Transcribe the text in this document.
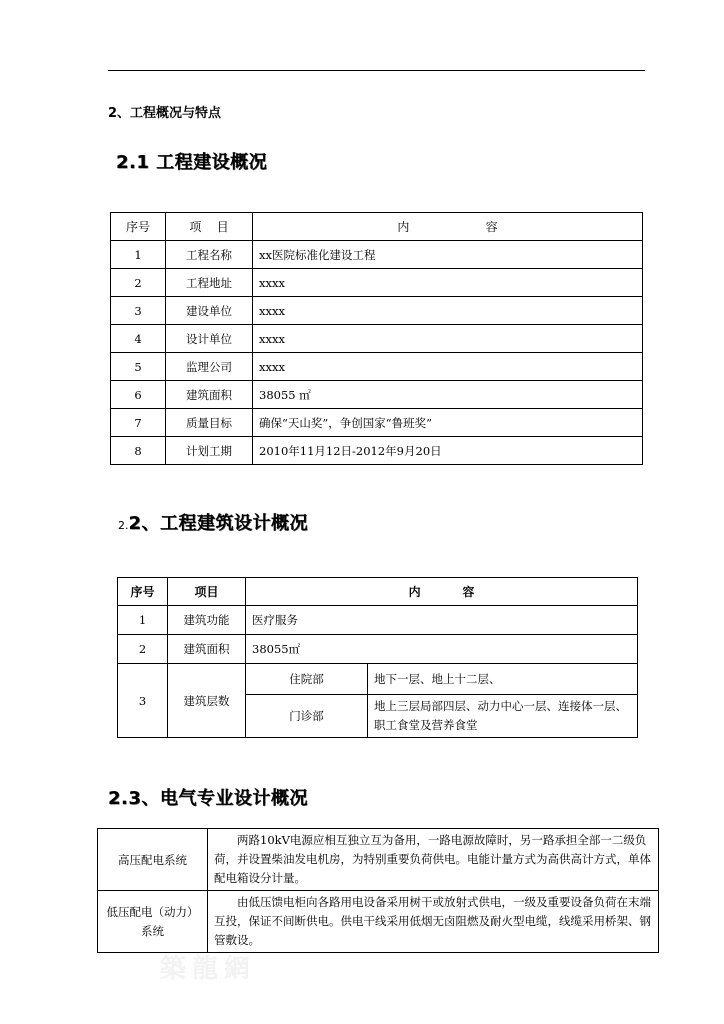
2、工程概况与特点
2.1 工程建设概况
序号	项    目	内                    容
1	工程名称	xx医院标准化建设工程
2	工程地址	xxxx
3	建设单位	xxxx
4	设计单位	xxxx
5	监理公司	xxxx
6	建筑面积	38055 ㎡
7	质量目标	确保“天山奖”，争创国家“鲁班奖”
8	计划工期	2010年11月12日-2012年9月20日
2.2、工程建筑设计概况
序号	项目	内          容	
1	建筑功能	医疗服务	
2	建筑面积	38055㎡	
3	建筑层数	住院部	地下一层、地上十二层、
		门诊部	地上三层局部四层、动力中心一层、连接体一层、职工食堂及营养食堂
2.3、电气专业设计概况
高压配电系统	两路10kV电源应相互独立互为备用，一路电源故障时，另一路承担全部一二级负荷，并设置柴油发电机房，为特别重要负荷供电。电能计量方式为高供高计方式，单体配电箱设分计量。
低压配电（动力）系统	由低压馈电柜向各路用电设备采用树干或放射式供电，一级及重要设备负荷在末端互投，保证不间断供电。供电干线采用低烟无卤阻燃及耐火型电缆，线缆采用桥架、钢管敷设。
築龍網
